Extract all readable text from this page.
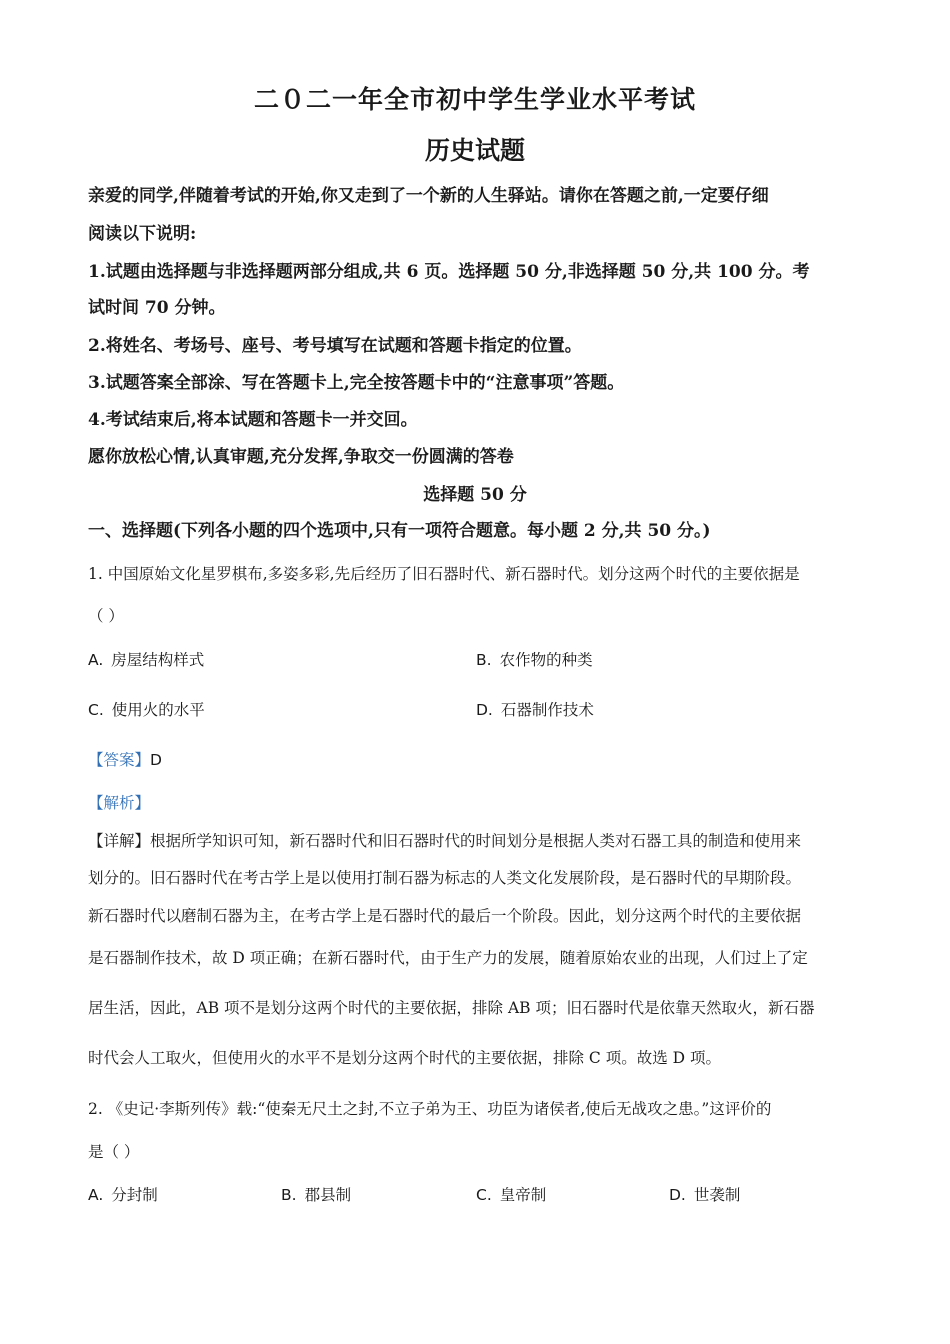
二０二一年全市初中学生学业水平考试
历史试题
亲爱的同学,伴随着考试的开始,你又走到了一个新的人生驿站。请你在答题之前,一定要仔细
阅读以下说明:
1.试题由选择题与非选择题两部分组成,共 6 页。选择题 50 分,非选择题 50 分,共 100 分。考
试时间 70 分钟。
2.将姓名、考场号、座号、考号填写在试题和答题卡指定的位置。
3.试题答案全部涂、写在答题卡上,完全按答题卡中的“注意事项”答题。
4.考试结束后,将本试题和答题卡一并交回。
愿你放松心情,认真审题,充分发挥,争取交一份圆满的答卷
选择题 50 分
一、选择题(下列各小题的四个选项中,只有一项符合题意。每小题 2 分,共 50 分。)
1. 中国原始文化星罗棋布,多姿多彩,先后经历了旧石器时代、新石器时代。划分这两个时代的主要依据是
（ ）
A. 房屋结构样式	B. 农作物的种类
C. 使用火的水平	D. 石器制作技术
【答案】D
【解析】
【详解】根据所学知识可知，新石器时代和旧石器时代的时间划分是根据人类对石器工具的制造和使用来
划分的。旧石器时代在考古学上是以使用打制石器为标志的人类文化发展阶段，是石器时代的早期阶段。
新石器时代以磨制石器为主，在考古学上是石器时代的最后一个阶段。因此，划分这两个时代的主要依据
是石器制作技术，故 D 项正确；在新石器时代，由于生产力的发展，随着原始农业的出现，人们过上了定
居生活，因此，AB 项不是划分这两个时代的主要依据，排除 AB 项；旧石器时代是依靠天然取火，新石器
时代会人工取火，但使用火的水平不是划分这两个时代的主要依据，排除 C 项。故选 D 项。
2. 《史记·李斯列传》载:“使秦无尺土之封,不立子弟为王、功臣为诸侯者,使后无战攻之患。”这评价的
是（ ）
A. 分封制	B. 郡县制	C. 皇帝制	D. 世袭制
